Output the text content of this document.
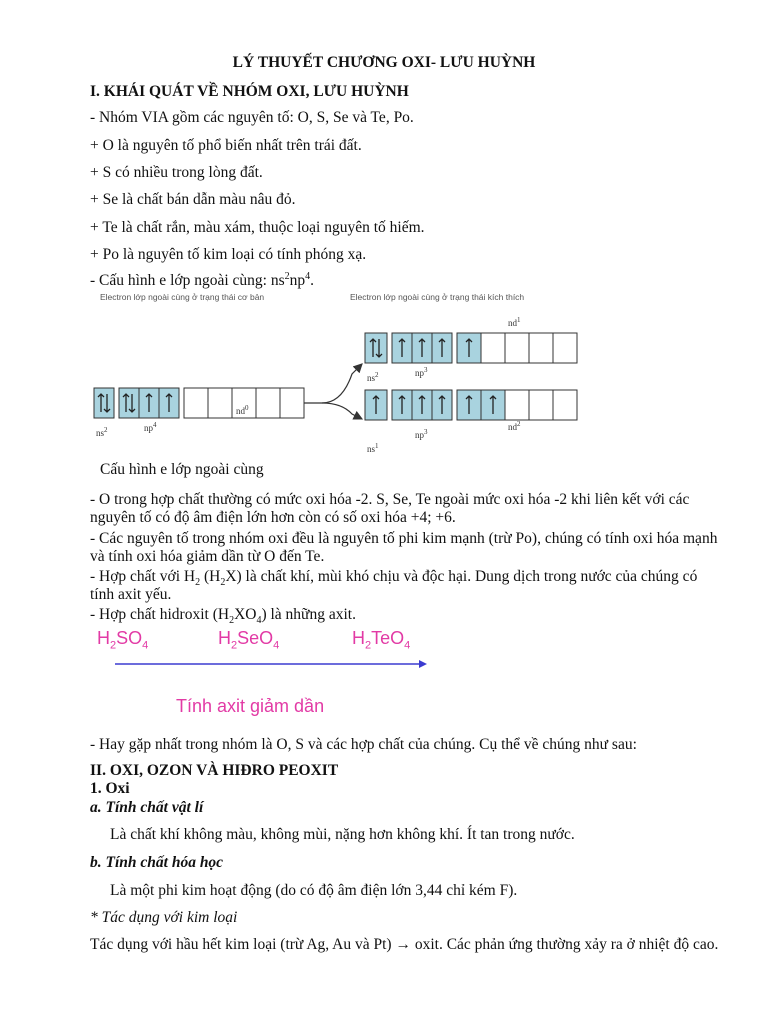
LÝ THUYẾT CHƯƠNG OXI- LƯU HUỲNH
I. KHÁI QUÁT VỀ NHÓM OXI, LƯU HUỲNH
- Nhóm VIA gồm các nguyên tố: O, S, Se và Te, Po.
+ O là nguyên tố phổ biến nhất trên trái đất.
+ S có nhiều trong lòng đất.
+ Se là chất bán dẫn màu nâu đỏ.
+ Te là chất rắn, màu xám, thuộc loại nguyên tố hiếm.
+ Po là nguyên tố kim loại có tính phóng xạ.
- Cấu hình e lớp ngoài cùng: $ns^2np^4$.
Electron lớp ngoài cùng ở trạng thái cơ bản	Electron lớp ngoài cùng ở trạng thái kích thích
$ns^2$	$np^4$
$nd^0$
$ns^2$	$np^3$
$nd^1$
$ns^1$
$np^3$	$nd^2$
Cấu hình e lớp ngoài cùng
- O trong hợp chất thường có mức oxi hóa -2. S, Se, Te ngoài mức oxi hóa -2 khi liên kết với các nguyên tố có độ âm điện lớn hơn còn có số oxi hóa +4; +6.
- Các nguyên tố trong nhóm oxi đều là nguyên tố phi kim mạnh (trừ Po), chúng có tính oxi hóa mạnh và tính oxi hóa giảm dần từ O đến Te.
- Hợp chất với $H_2$ $(H_2X)$ là chất khí, mùi khó chịu và độc hại. Dung dịch trong nước của chúng có tính axit yếu.
- Hợp chất hidroxit $(H_2XO_4)$ là những axit.
$H_2SO_4$	$H_2SeO_4$	$H_2TeO_4$
Tính axit giảm dần
- Hay gặp nhất trong nhóm là O, S và các hợp chất của chúng. Cụ thể về chúng như sau:
II. OXI, OZON VÀ HIĐRO PEOXIT
1. Oxi
a. Tính chất vật lí
Là chất khí không màu, không mùi, nặng hơn không khí. Ít tan trong nước.
b. Tính chất hóa học
Là một phi kim hoạt động (do có độ âm điện lớn 3,44 chỉ kém F).
* Tác dụng với kim loại
Tác dụng với hầu hết kim loại (trừ Ag, Au và Pt) → oxit. Các phản ứng thường xảy ra ở nhiệt độ cao.
